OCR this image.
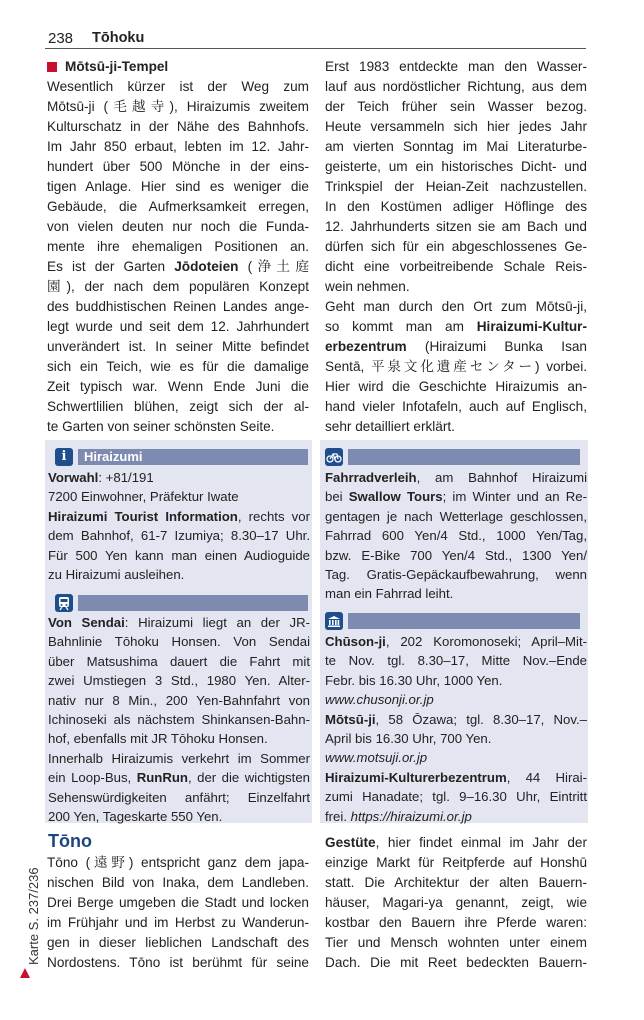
238 Tōhoku
Mōtsū-ji-Tempel
Wesentlich kürzer ist der Weg zum
Mōtsū-ji (毛越寺), Hiraizumis zweitem
Kulturschatz in der Nähe des Bahnhofs.
Im Jahr 850 erbaut, lebten im 12. Jahr-
hundert über 500 Mönche in der eins-
tigen Anlage. Hier sind es weniger die
Gebäude, die Aufmerksamkeit erregen,
von vielen deuten nur noch die Funda-
mente ihre ehemaligen Positionen an.
Es ist der Garten Jōdoteien (浄土庭
園), der nach dem populären Konzept
des buddhistischen Reinen Landes ange-
legt wurde und seit dem 12. Jahrhundert
unverändert ist. In seiner Mitte befindet
sich ein Teich, wie es für die damalige
Zeit typisch war. Wenn Ende Juni die
Schwertlilien blühen, zeigt sich der al-
te Garten von seiner schönsten Seite.
Erst 1983 entdeckte man den Wasser-
lauf aus nordöstlicher Richtung, aus dem
der Teich früher sein Wasser bezog.
Heute versammeln sich hier jedes Jahr
am vierten Sonntag im Mai Literaturbe-
geisterte, um ein historisches Dicht- und
Trinkspiel der Heian-Zeit nachzustellen.
In den Kostümen adliger Höflinge des
12. Jahrhunderts sitzen sie am Bach und
dürfen sich für ein abgeschlossenes Ge-
dicht eine vorbeitreibende Schale Reis-
wein nehmen.
Geht man durch den Ort zum Mōtsū-ji,
so kommt man am Hiraizumi-Kultur-
erbezentrum (Hiraizumi Bunka Isan
Sentā, 平泉文化遺産センター) vorbei.
Hier wird die Geschichte Hiraizumis an-
hand vieler Infotafeln, auch auf Englisch,
sehr detailliert erklärt.
i	Hiraizumi
Vorwahl: +81/191
7200 Einwohner, Präfektur Iwate
Hiraizumi Tourist Information, rechts vor
dem Bahnhof, 61-7 Izumiya; 8.30–17 Uhr.
Für 500 Yen kann man einen Audioguide
zu Hiraizumi ausleihen.
Von Sendai: Hiraizumi liegt an der JR-
Bahnlinie Tōhoku Honsen. Von Sendai
über Matsushima dauert die Fahrt mit
zwei Umstiegen 3 Std., 1980 Yen. Alter-
nativ nur 8 Min., 200 Yen-Bahnfahrt von
Ichinoseki als nächstem Shinkansen-Bahn-
hof, ebenfalls mit JR Tōhoku Honsen.
Innerhalb Hiraizumis verkehrt im Sommer
ein Loop-Bus, RunRun, der die wichtigsten
Sehenswürdigkeiten anfährt; Einzelfahrt
200 Yen, Tageskarte 550 Yen.
Fahrradverleih, am Bahnhof Hiraizumi
bei Swallow Tours; im Winter und an Re-
gentagen je nach Wetterlage geschlossen,
Fahrrad 600 Yen/4 Std., 1000 Yen/Tag,
bzw. E-Bike 700 Yen/4 Std., 1300 Yen/
Tag. Gratis-Gepäckaufbewahrung, wenn
man ein Fahrrad leiht.
Chūson-ji, 202 Koromonoseki; April–Mit-
te Nov. tgl. 8.30–17, Mitte Nov.–Ende
Febr. bis 16.30 Uhr, 1000 Yen.
www.chusonji.or.jp
Mōtsū-ji, 58 Ōzawa; tgl. 8.30–17, Nov.–
April bis 16.30 Uhr, 700 Yen.
www.motsuji.or.jp
Hiraizumi-Kulturerbezentrum, 44 Hirai-
zumi Hanadate; tgl. 9–16.30 Uhr, Eintritt
frei. https://hiraizumi.or.jp
Tōno
Tōno (遠野) entspricht ganz dem japa-
nischen Bild von Inaka, dem Landleben.
Drei Berge umgeben die Stadt und locken
im Frühjahr und im Herbst zu Wanderun-
gen in dieser lieblichen Landschaft des
Nordostens. Tōno ist berühmt für seine
Gestüte, hier findet einmal im Jahr der
einzige Markt für Reitpferde auf Honshū
statt. Die Architektur der alten Bauern-
häuser, Magari-ya genannt, zeigt, wie
kostbar den Bauern ihre Pferde waren:
Tier und Mensch wohnten unter einem
Dach. Die mit Reet bedeckten Bauern-
Karte S. 237/236
